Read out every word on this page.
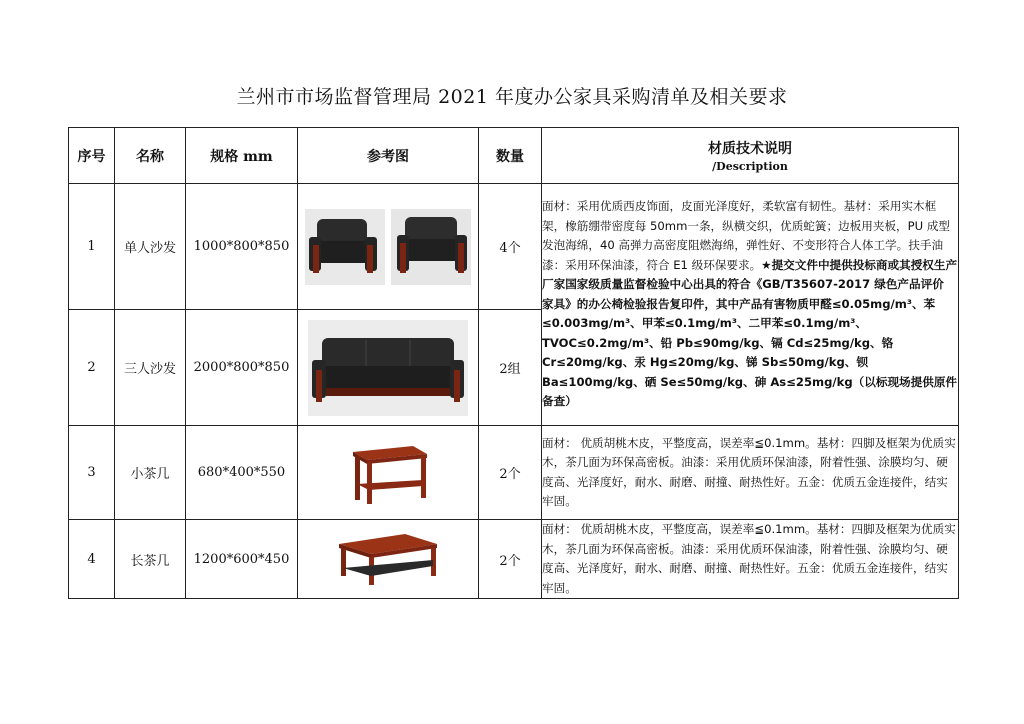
兰州市市场监督管理局 2021 年度办公家具采购清单及相关要求
序号	名称	规格 mm	参考图	数量	材质技术说明
/Description

1	单人沙发	1000*800*850		4个	面材：采用优质西皮饰面，皮面光泽度好，柔软富有韧性。基材：采用实木框架，橡筋绷带密度每 50mm一条，纵横交织，优质蛇簧；边板用夹板，PU 成型发泡海绵，40 高弹力高密度阻燃海绵，弹性好、不变形符合人体工学。扶手油漆：采用环保油漆，符合 E1 级环保要求。★提交文件中提供投标商或其授权生产厂家国家级质量监督检验中心出具的符合《GB/T35607-2017 绿色产品评价 家具》的办公椅检验报告复印件，其中产品有害物质甲醛≤0.05mg/m³、苯≤0.003mg/m³、甲苯≤0.1mg/m³、二甲苯≤0.1mg/m³、TVOC≤0.2mg/m³、铅 Pb≤90mg/kg、镉 Cd≤25mg/kg、铬 Cr≤20mg/kg、汞 Hg≤20mg/kg、锑 Sb≤50mg/kg、钡 Ba≤100mg/kg、硒 Se≤50mg/kg、砷 As≤25mg/kg（以标现场提供原件备查）
2	三人沙发	2000*800*850		2组	
3	小茶几	680*400*550		2个	面材： 优质胡桃木皮，平整度高，误差率≦0.1mm。基材：四脚及框架为优质实木，茶几面为环保高密板。油漆：采用优质环保油漆，附着性强、涂膜均匀、硬度高、光泽度好，耐水、耐磨、耐撞、耐热性好。五金：优质五金连接件，结实牢固。
4	长茶几	1200*600*450		2个	面材： 优质胡桃木皮，平整度高，误差率≦0.1mm。基材：四脚及框架为优质实木，茶几面为环保高密板。油漆：采用优质环保油漆，附着性强、涂膜均匀、硬度高、光泽度好，耐水、耐磨、耐撞、耐热性好。五金：优质五金连接件，结实牢固。
